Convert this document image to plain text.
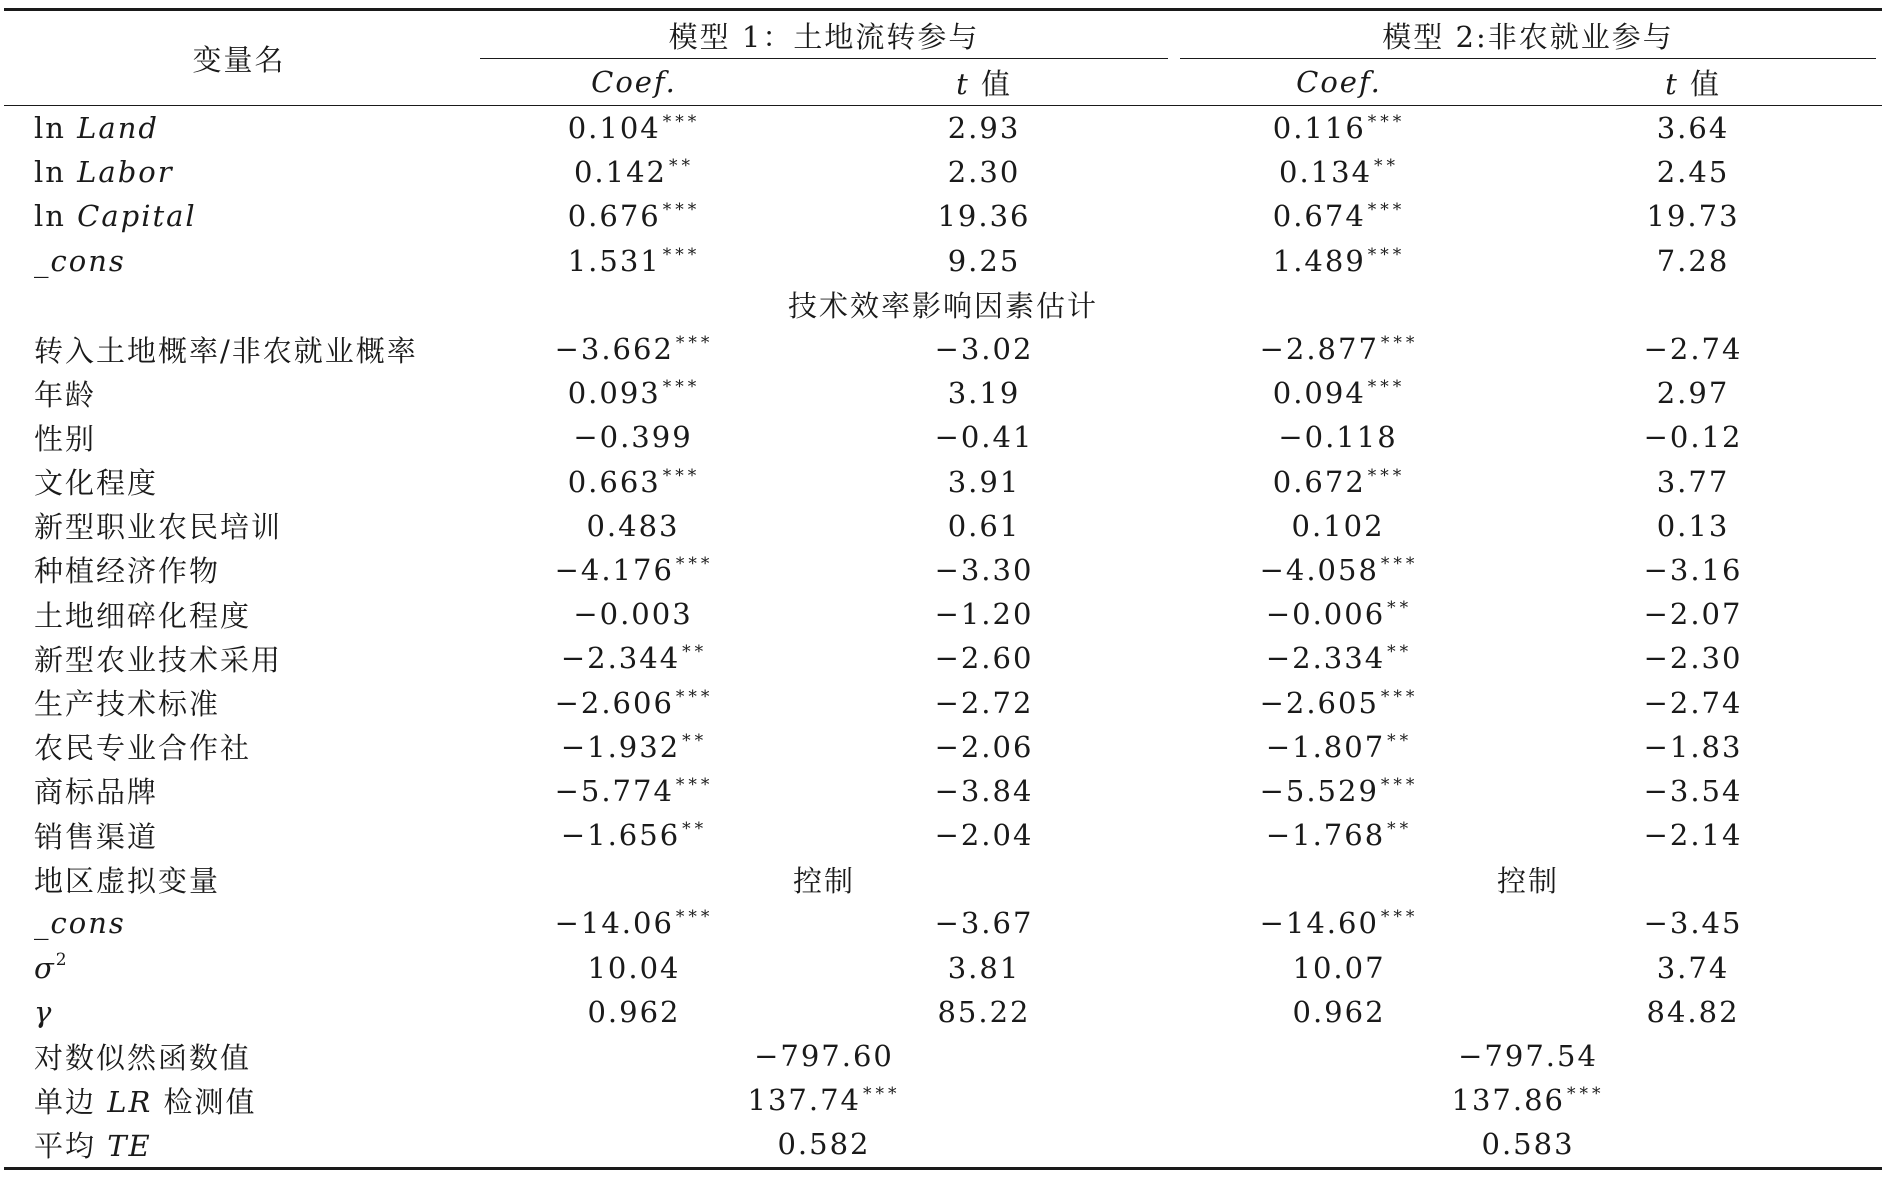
变量名	模型 1：土地流转参与		模型 2:非农就业参与	

	Coef.	t 值	Coef.	t 值
ln Land	0.104 ***	2.93	0.116 ***	3.64
ln Labor	0.142 **	2.30	0.134 **	2.45
ln Capital	0.676 ***	19.36	0.674 ***	19.73
_cons	1.531 ***	9.25	1.489 ***	7.28
技术效率影响因素估计				
转入土地概率/非农就业概率	−3.662 ***	−3.02	−2.877 ***	−2.74
年龄	0.093 ***	3.19	0.094 ***	2.97
性别	−0.399	−0.41	−0.118	−0.12
文化程度	0.663 ***	3.91	0.672 ***	3.77
新型职业农民培训	0.483	0.61	0.102	0.13
种植经济作物	−4.176 ***	−3.30	−4.058 ***	−3.16
土地细碎化程度	−0.003	−1.20	−0.006 **	−2.07
新型农业技术采用	−2.344 **	−2.60	−2.334 **	−2.30
生产技术标准	−2.606 ***	−2.72	−2.605 ***	−2.74
农民专业合作社	−1.932 **	−2.06	−1.807 **	−1.83
商标品牌	−5.774 ***	−3.84	−5.529 ***	−3.54
销售渠道	−1.656 **	−2.04	−1.768 **	−2.14
地区虚拟变量	控制		控制	
_cons	−14.06 ***	−3.67	−14.60 ***	−3.45
$\sigma^2$	10.04	3.81	10.07	3.74
γ	0.962	85.22	0.962	84.82
对数似然函数值	−797.60		−797.54	
单边 LR 检测值	137.74 ***		137.86 ***
平均 TE	0.582		0.583	
